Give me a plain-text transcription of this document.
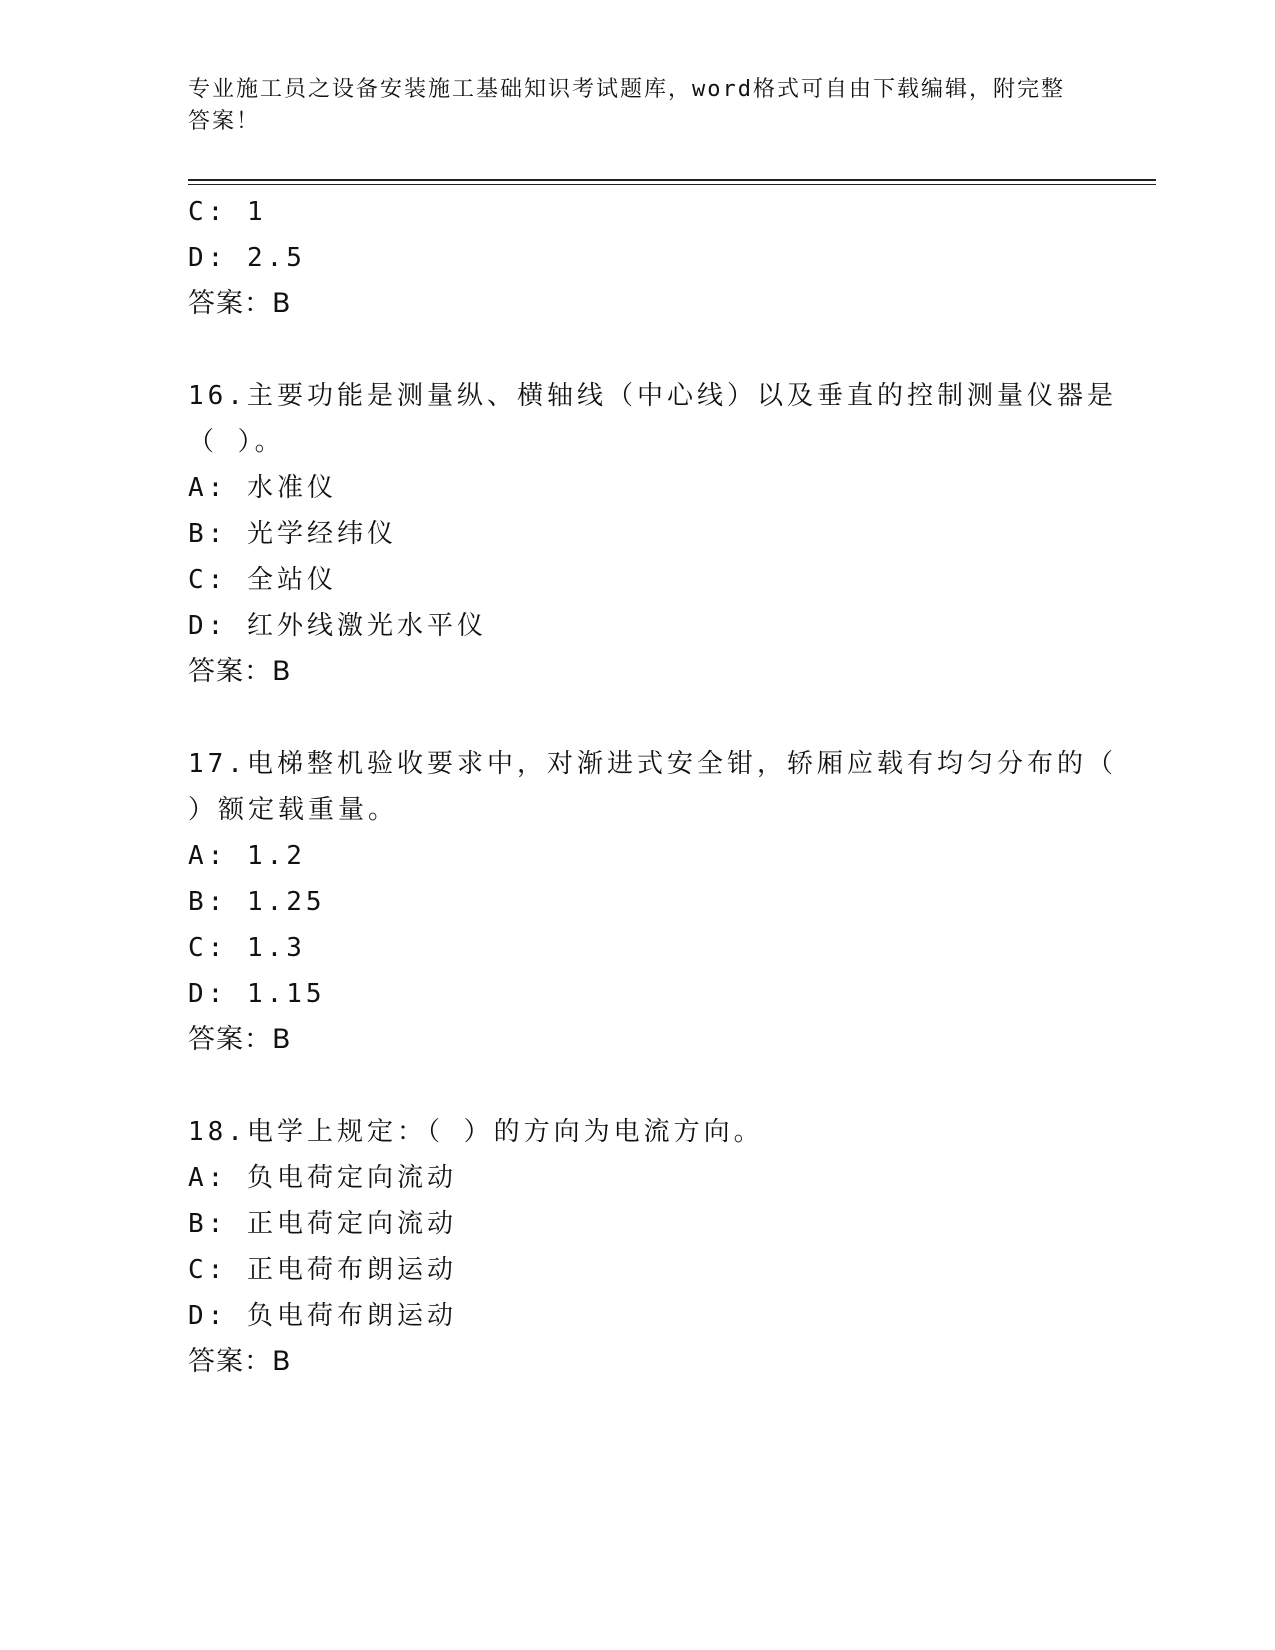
专业施工员之设备安装施工基础知识考试题库，word格式可自由下载编辑，附完整答案！
C: 1
D: 2.5
答案：B
16.主要功能是测量纵、横轴线（中心线）以及垂直的控制测量仪器是
（ ）。
A: 水准仪
B: 光学经纬仪
C: 全站仪
D: 红外线激光水平仪
答案：B
17.电梯整机验收要求中，对渐进式安全钳，轿厢应载有均匀分布的（
）额定载重量。
A: 1.2
B: 1.25
C: 1.3
D: 1.15
答案：B
18.电学上规定：（ ）的方向为电流方向。
A: 负电荷定向流动
B: 正电荷定向流动
C: 正电荷布朗运动
D: 负电荷布朗运动
答案：B
